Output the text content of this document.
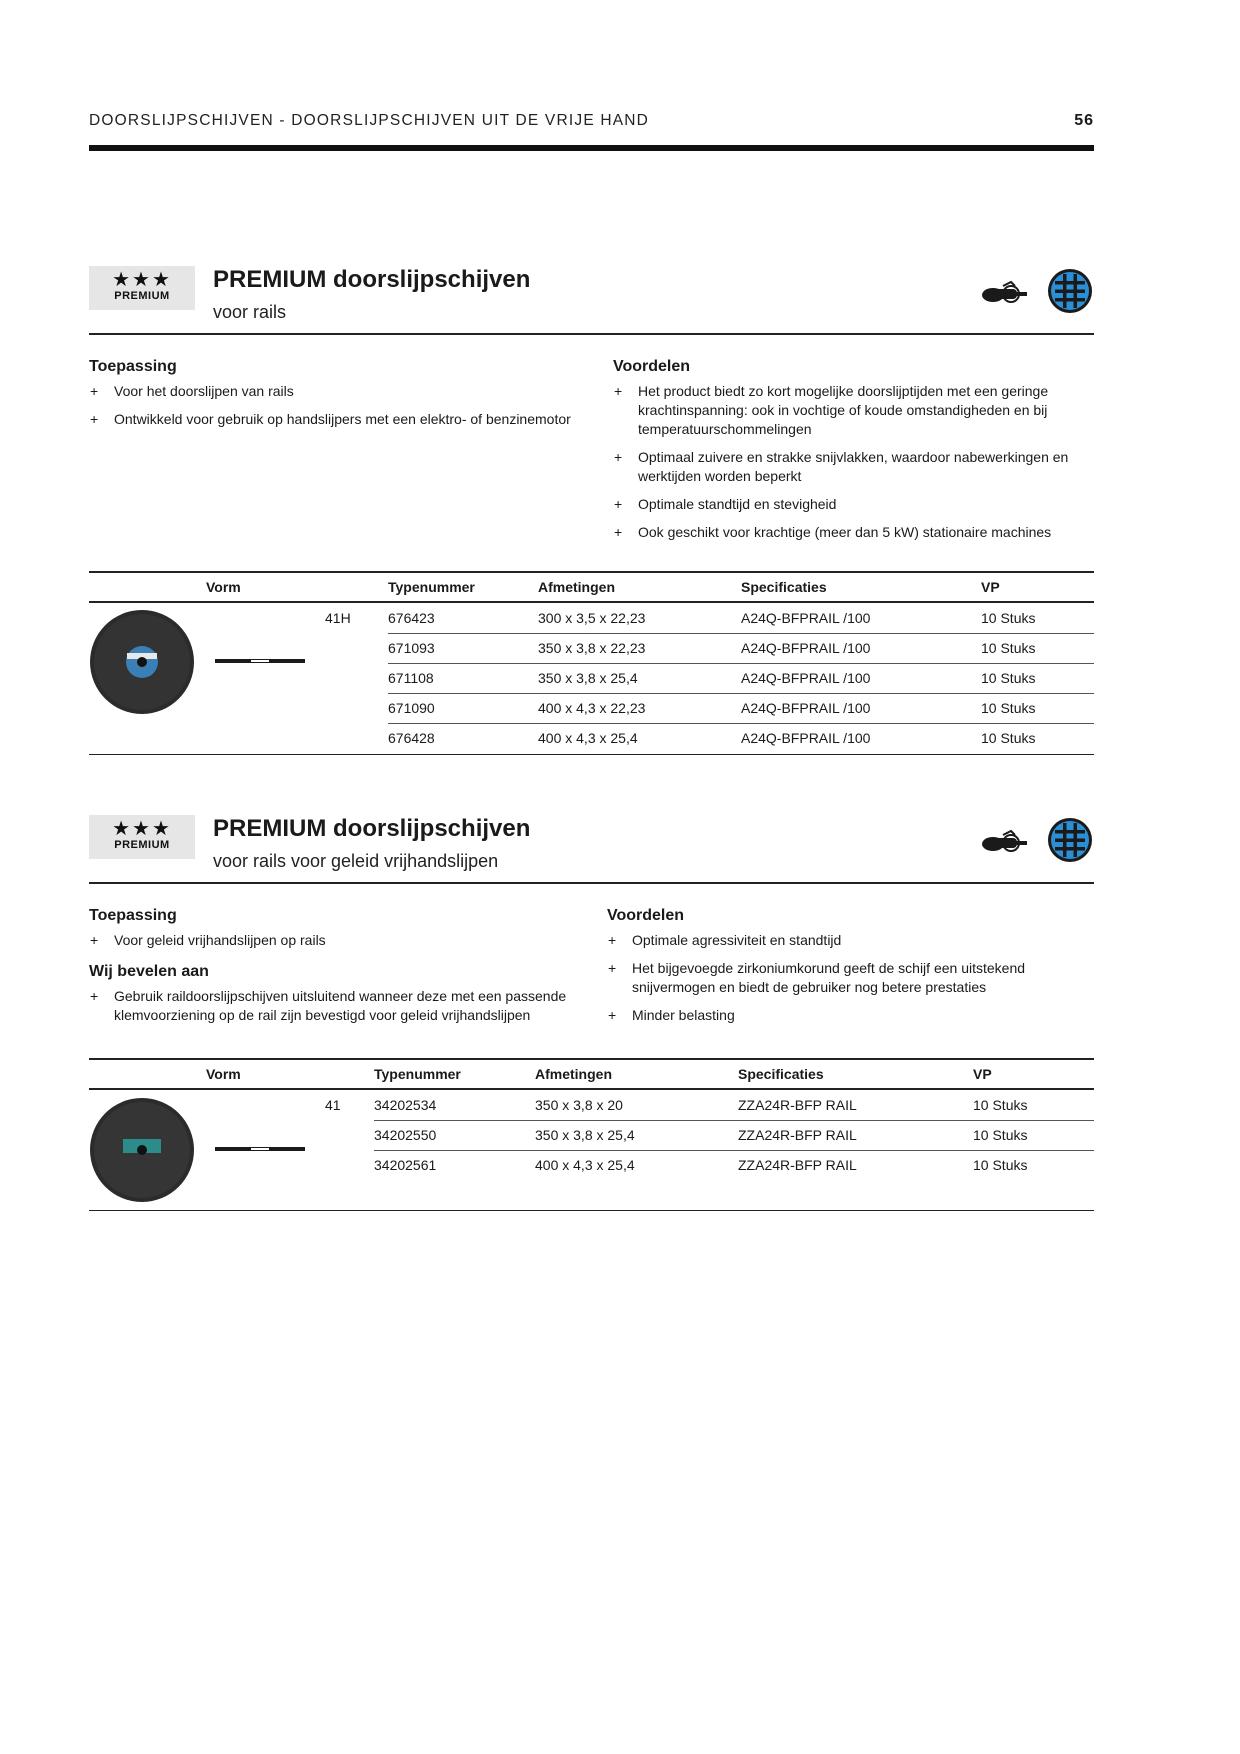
DOORSLIJPSCHIJVEN - DOORSLIJPSCHIJVEN UIT DE VRIJE HAND	56
★★★
PREMIUM
PREMIUM doorslijpschijven
voor rails
Toepassing
+ Voor het doorslijpen van rails
+ Ontwikkeld voor gebruik op handslijpers met een elektro- of benzinemotor
Voordelen
+ Het product biedt zo kort mogelijke doorslijptijden met een geringe krachtinspanning: ook in vochtige of koude omstandigheden en bij temperatuurschommelingen
+ Optimaal zuivere en strakke snijvlakken, waardoor nabewerkingen en werktijden worden beperkt
+ Optimale standtijd en stevigheid
+ Ook geschikt voor krachtige (meer dan 5 kW) stationaire machines
Vorm	Typenummer	Afmetingen	Specificaties	VP
41H	676423	300 x 3,5 x 22,23	A24Q-BFPRAIL /100	10 Stuks
671093	350 x 3,8 x 22,23	A24Q-BFPRAIL /100	10 Stuks
671108	350 x 3,8 x 25,4	A24Q-BFPRAIL /100	10 Stuks
671090	400 x 4,3 x 22,23	A24Q-BFPRAIL /100	10 Stuks
676428	400 x 4,3 x 25,4	A24Q-BFPRAIL /100	10 Stuks
★★★
PREMIUM
PREMIUM doorslijpschijven
voor rails voor geleid vrijhandslijpen
Toepassing
+ Voor geleid vrijhandslijpen op rails
Wij bevelen aan
+ Gebruik raildoorslijpschijven uitsluitend wanneer deze met een passende klemvoorziening op de rail zijn bevestigd voor geleid vrijhandslijpen
Voordelen
+ Optimale agressiviteit en standtijd
+ Het bijgevoegde zirkoniumkorund geeft de schijf een uitstekend snijvermogen en biedt de gebruiker nog betere prestaties
+ Minder belasting
Vorm	Typenummer	Afmetingen	Specificaties	VP
41 34202534	350 x 3,8 x 20	ZZA24R-BFP RAIL	10 Stuks
34202550	350 x 3,8 x 25,4	ZZA24R-BFP RAIL	10 Stuks
34202561	400 x 4,3 x 25,4	ZZA24R-BFP RAIL	10 Stuks
